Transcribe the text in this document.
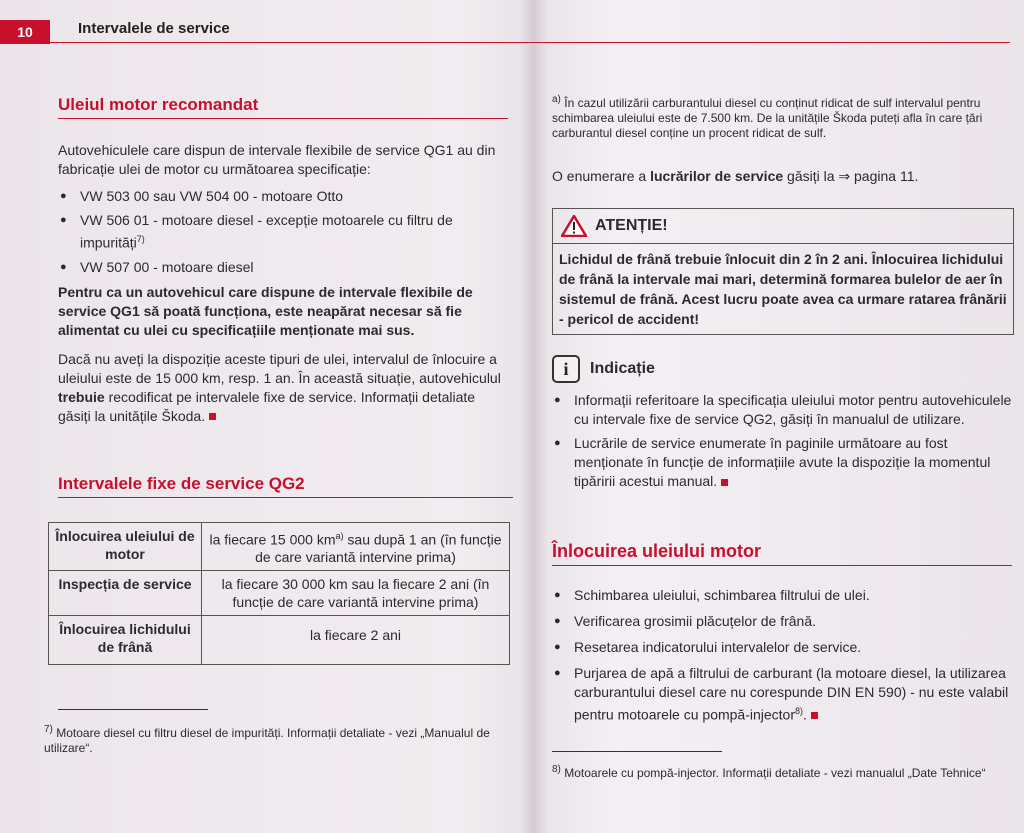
10	Intervalele de service
Uleiul motor recomandat

Autovehiculele care dispun de intervale flexibile de service QG1 au din fabricație ulei de motor cu următoarea specificație:

● VW 503 00 sau VW 504 00 - motoare Otto
● VW 506 01 - motoare diesel - excepție motoarele cu filtru de impurități$^{7)}$
● VW 507 00 - motoare diesel

Pentru ca un autovehicul care dispune de intervale flexibile de service QG1 să poată funcționa, este neapărat necesar să fie alimentat cu ulei cu specificațiile menționate mai sus.

Dacă nu aveți la dispoziție aceste tipuri de ulei, intervalul de înlocuire a uleiului este de 15 000 km, resp. 1 an. În această situație, autovehiculul trebuie recodificat pe intervalele fixe de service. Informații detaliate găsiți la unitățile Škoda.

Intervalele fixe de service QG2
Înlocuirea uleiului de motor	la fiecare 15 000 $km^{a)}$ sau după 1 an (în funcție de care variantă intervine prima)
Inspecția de service	la fiecare 30 000 km sau la fiecare 2 ani (în funcție de care variantă intervine prima)
Înlocuirea lichidului de frână	la fiecare 2 ani

$^{7)}$ Motoare diesel cu filtru diesel de impurități. Informații detaliate - vezi „Manualul de utilizare“.

$^{a)}$ În cazul utilizării carburantului diesel cu conținut ridicat de sulf intervalul pentru schimbarea uleiului este de 7.500 km. De la unitățile Škoda puteți afla în care țări carburantul diesel conține un procent ridicat de sulf.

O enumerare a lucrărilor de service găsiți la ⇒ pagina 11.

ATENȚIE!
Lichidul de frână trebuie înlocuit din 2 în 2 ani. Înlocuirea lichidului de frână la intervale mai mari, determină formarea bulelor de aer în sistemul de frână. Acest lucru poate avea ca urmare ratarea frânării - pericol de accident!
i	Indicație
● Informații referitoare la specificația uleiului motor pentru autovehiculele cu intervale fixe de service QG2, găsiți în manualul de utilizare.
● Lucrările de service enumerate în paginile următoare au fost menționate în funcție de informațiile avute la dispoziție la momentul tipăririi acestui manual.
Înlocuirea uleiului motor
● Schimbarea uleiului, schimbarea filtrului de ulei.
● Verificarea grosimii plăcuțelor de frână.
● Resetarea indicatorului intervalelor de service.
● Purjarea de apă a filtrului de carburant (la motoare diesel, la utilizarea carburantului diesel care nu corespunde DIN EN 590) - nu este valabil pentru motoarele cu pompă-injector$^{8)}$.

$^{8)}$ Motoarele cu pompă-injector. Informații detaliate - vezi manualul „Date Tehnice“
